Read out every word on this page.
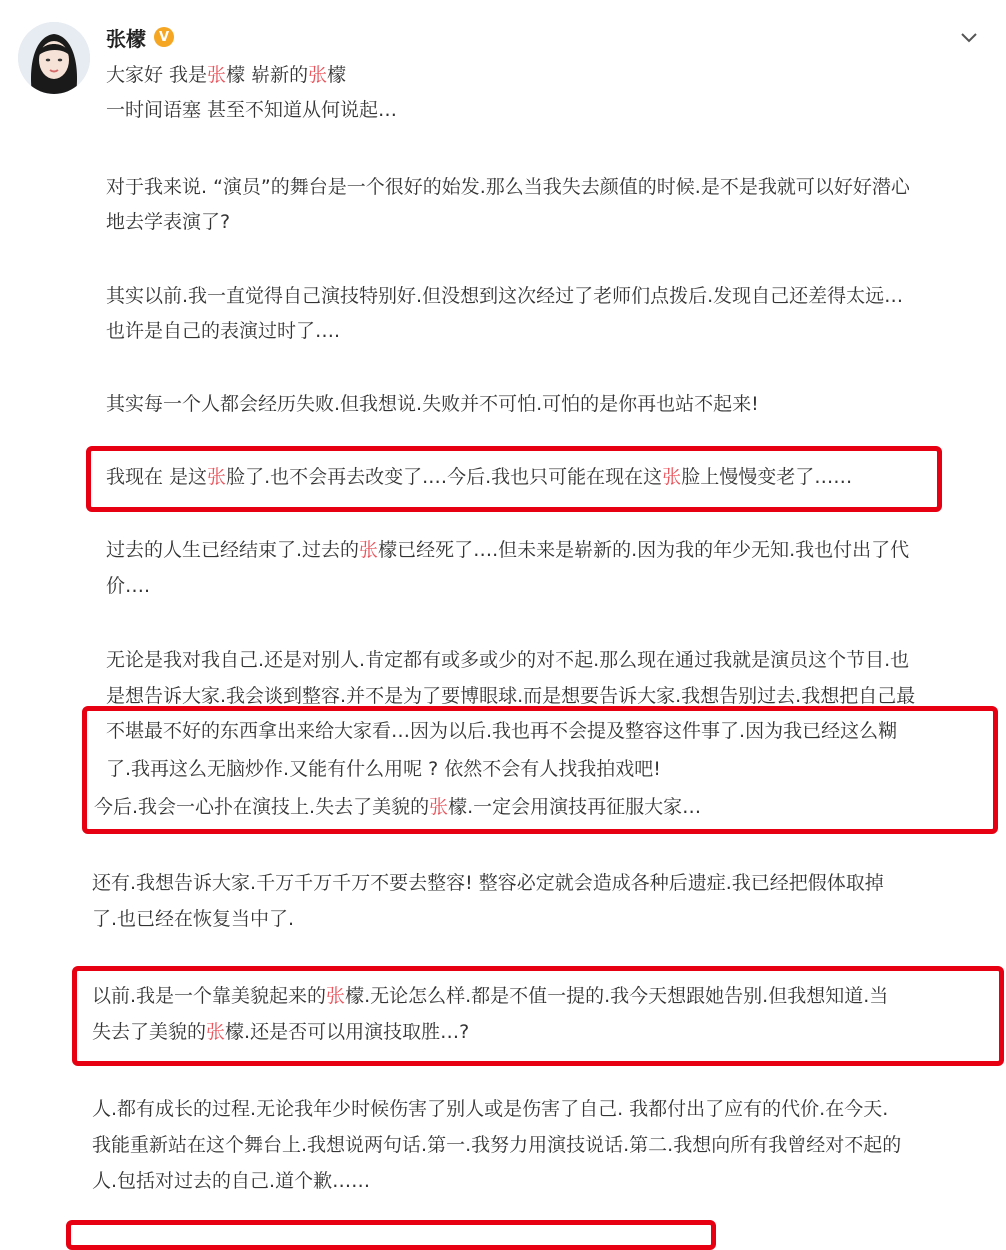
张檬 V

大家好 我是张檬 崭新的张檬

一时间语塞 甚至不知道从何说起…

对于我来说. “演员”的舞台是一个很好的始发.那么当我失去颜值的时候.是不是我就可以好好潜心

地去学表演了?

其实以前.我一直觉得自己演技特别好.但没想到这次经过了老师们点拨后.发现自己还差得太远…

也许是自己的表演过时了….

其实每一个人都会经历失败.但我想说.失败并不可怕.可怕的是你再也站不起来!

我现在 是这张脸了.也不会再去改变了.…今后.我也只可能在现在这张脸上慢慢变老了……

过去的人生已经结束了.过去的张檬已经死了….但未来是崭新的.因为我的年少无知.我也付出了代

价….

无论是我对我自己.还是对别人.肯定都有或多或少的对不起.那么现在通过我就是演员这个节目.也

是想告诉大家.我会谈到整容.并不是为了要博眼球.而是想要告诉大家.我想告别过去.我想把自己最

不堪最不好的东西拿出来给大家看…因为以后.我也再不会提及整容这件事了.因为我已经这么糊

了.我再这么无脑炒作.又能有什么用呢 ? 依然不会有人找我拍戏吧!

今后.我会一心扑在演技上.失去了美貌的张檬.一定会用演技再征服大家…

还有.我想告诉大家.千万千万千万不要去整容! 整容必定就会造成各种后遗症.我已经把假体取掉

了.也已经在恢复当中了.

以前.我是一个靠美貌起来的张檬.无论怎么样.都是不值一提的.我今天想跟她告别.但我想知道.当

失去了美貌的张檬.还是否可以用演技取胜…?

人.都有成长的过程.无论我年少时候伤害了别人或是伤害了自己. 我都付出了应有的代价.在今天.

我能重新站在这个舞台上.我想说两句话.第一.我努力用演技说话.第二.我想向所有我曾经对不起的

人.包括对过去的自己.道个歉……
